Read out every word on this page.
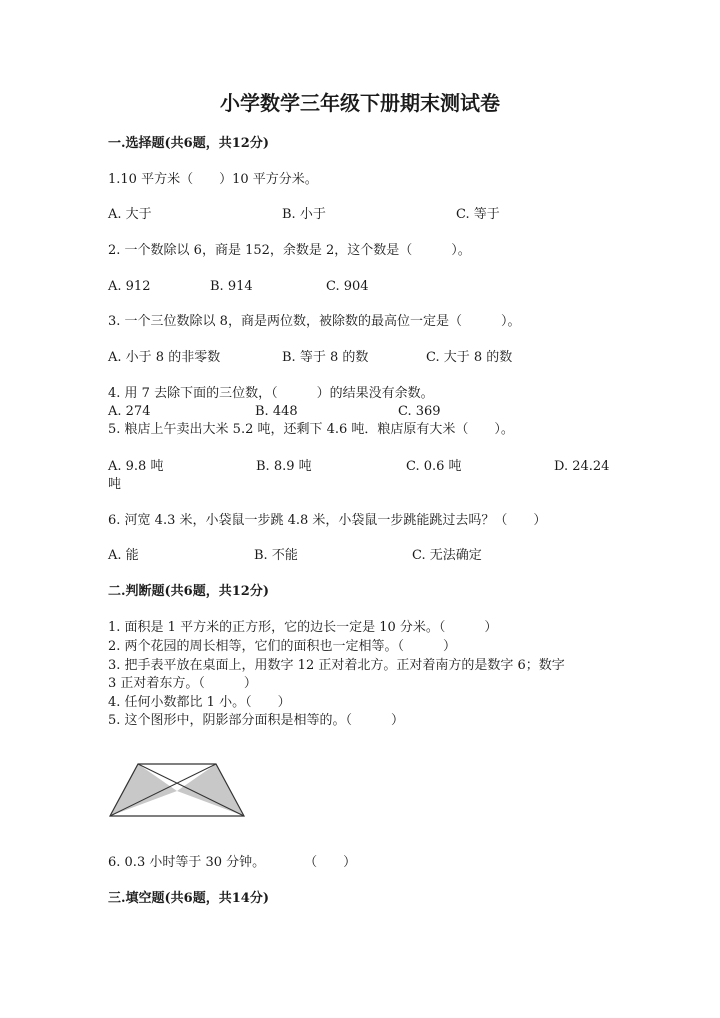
小学数学三年级下册期末测试卷
一.选择题(共6题，共12分)
1.10 平方米（　　）10 平方分米。
A. 大于	B. 小于	C. 等于
2. 一个数除以 6，商是 152，余数是 2，这个数是（　　　）。
A. 912	B. 914	C. 904
3. 一个三位数除以 8，商是两位数，被除数的最高位一定是（　　　）。
A. 小于 8 的非零数	B. 等于 8 的数	C. 大于 8 的数
4. 用 7 去除下面的三位数，（　　　）的结果没有余数。
A. 274	B. 448	C. 369
5. 粮店上午卖出大米 5.2 吨，还剩下 4.6 吨．粮店原有大米（　　）。
A. 9.8 吨	B. 8.9 吨	C. 0.6 吨	D. 24.24
吨
6. 河宽 4.3 米，小袋鼠一步跳 4.8 米，小袋鼠一步跳能跳过去吗？（　　）
A. 能	B. 不能	C. 无法确定
二.判断题(共6题，共12分)
1. 面积是 1 平方米的正方形，它的边长一定是 10 分米。（　　　）
2. 两个花园的周长相等，它们的面积也一定相等。（　　　）
3. 把手表平放在桌面上，用数字 12 正对着北方。正对着南方的是数字 6；数字
3 正对着东方。（　　　）
4. 任何小数都比 1 小。（　　）
5. 这个图形中，阴影部分面积是相等的。（　　　）
6. 0.3 小时等于 30 分钟。　　　　（　　）
三.填空题(共6题，共14分)
